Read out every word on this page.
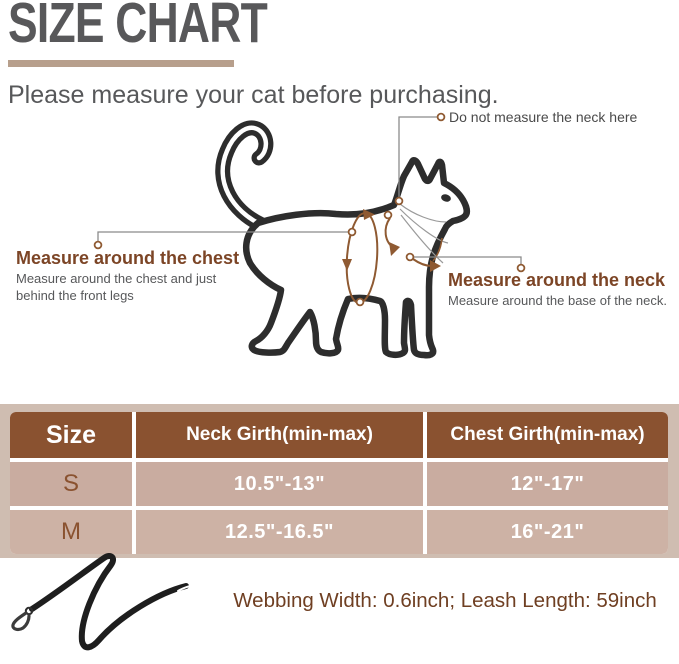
SIZE CHART
Please measure your cat before purchasing.
Do not measure the neck here
Measure around the chest
Measure around the chest and just behind the front legs
Measure around the neck
Measure around the base of the neck.
Size	Neck Girth(min-max)	Chest Girth(min-max)
S	10.5"-13"	12"-17"
M	12.5"-16.5"	16"-21"
Webbing Width: 0.6inch; Leash Length: 59inch
